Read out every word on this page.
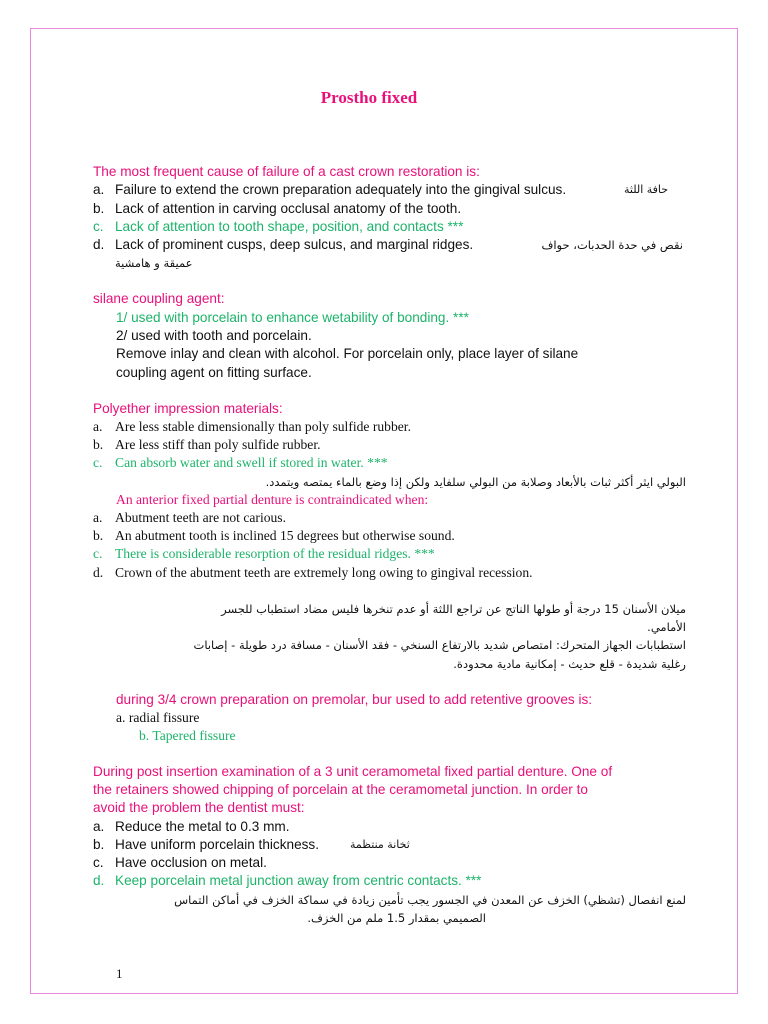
Prostho fixed
The most frequent cause of failure of a cast crown restoration is:
a. Failure to extend the crown preparation adequately into the gingival sulcus.	حافة اللثة
b. Lack of attention in carving occlusal anatomy of the tooth.
c. Lack of attention to tooth shape, position, and contacts ***
d. Lack of prominent cusps, deep sulcus, and marginal ridges.	نقص في حدة الحدبات، حواف
عميقة و هامشية
silane coupling agent:
1/ used with porcelain to enhance wetability of bonding. ***
2/ used with tooth and porcelain.
Remove inlay and clean with alcohol. For porcelain only, place layer of silane
coupling agent on fitting surface.
Polyether impression materials:
a. Are less stable dimensionally than poly sulfide rubber.
b. Are less stiff than poly sulfide rubber.
c. Can absorb water and swell if stored in water. ***
البولي ايثر أكثر ثبات بالأبعاد وصلابة من البولي سلفايد ولكن إذا وضع بالماء يمتصه ويتمدد.
An anterior fixed partial denture is contraindicated when:
a. Abutment teeth are not carious.
b. An abutment tooth is inclined 15 degrees but otherwise sound.
c. There is considerable resorption of the residual ridges. ***
d. Crown of the abutment teeth are extremely long owing to gingival recession.
ميلان الأسنان 15 درجة أو طولها الناتج عن تراجع اللثة أو عدم تنخرها فليس مضاد استطباب للجسر
الأمامي.
استطبابات الجهاز المتحرك: امتصاص شديد بالارتفاع السنخي - فقد الأسنان - مسافة درد طويلة - إصابات
رغلية شديدة - قلع حديث - إمكانية مادية محدودة.
during 3/4 crown preparation on premolar, bur used to add retentive grooves is:
a. radial fissure
b. Tapered fissure
During post insertion examination of a 3 unit ceramometal fixed partial denture. One of
the retainers showed chipping of porcelain at the ceramometal junction. In order to
avoid the problem the dentist must:
a. Reduce the metal to 0.3 mm.
b. Have uniform porcelain thickness.	ثخانة منتظمة
c. Have occlusion on metal.
d. Keep porcelain metal junction away from centric contacts. ***
لمنع انفصال (تشظي) الخزف عن المعدن في الجسور يجب تأمين زيادة في سماكة الخزف في أماكن التماس
الصميمي بمقدار 1.5 ملم من الخزف.
1
